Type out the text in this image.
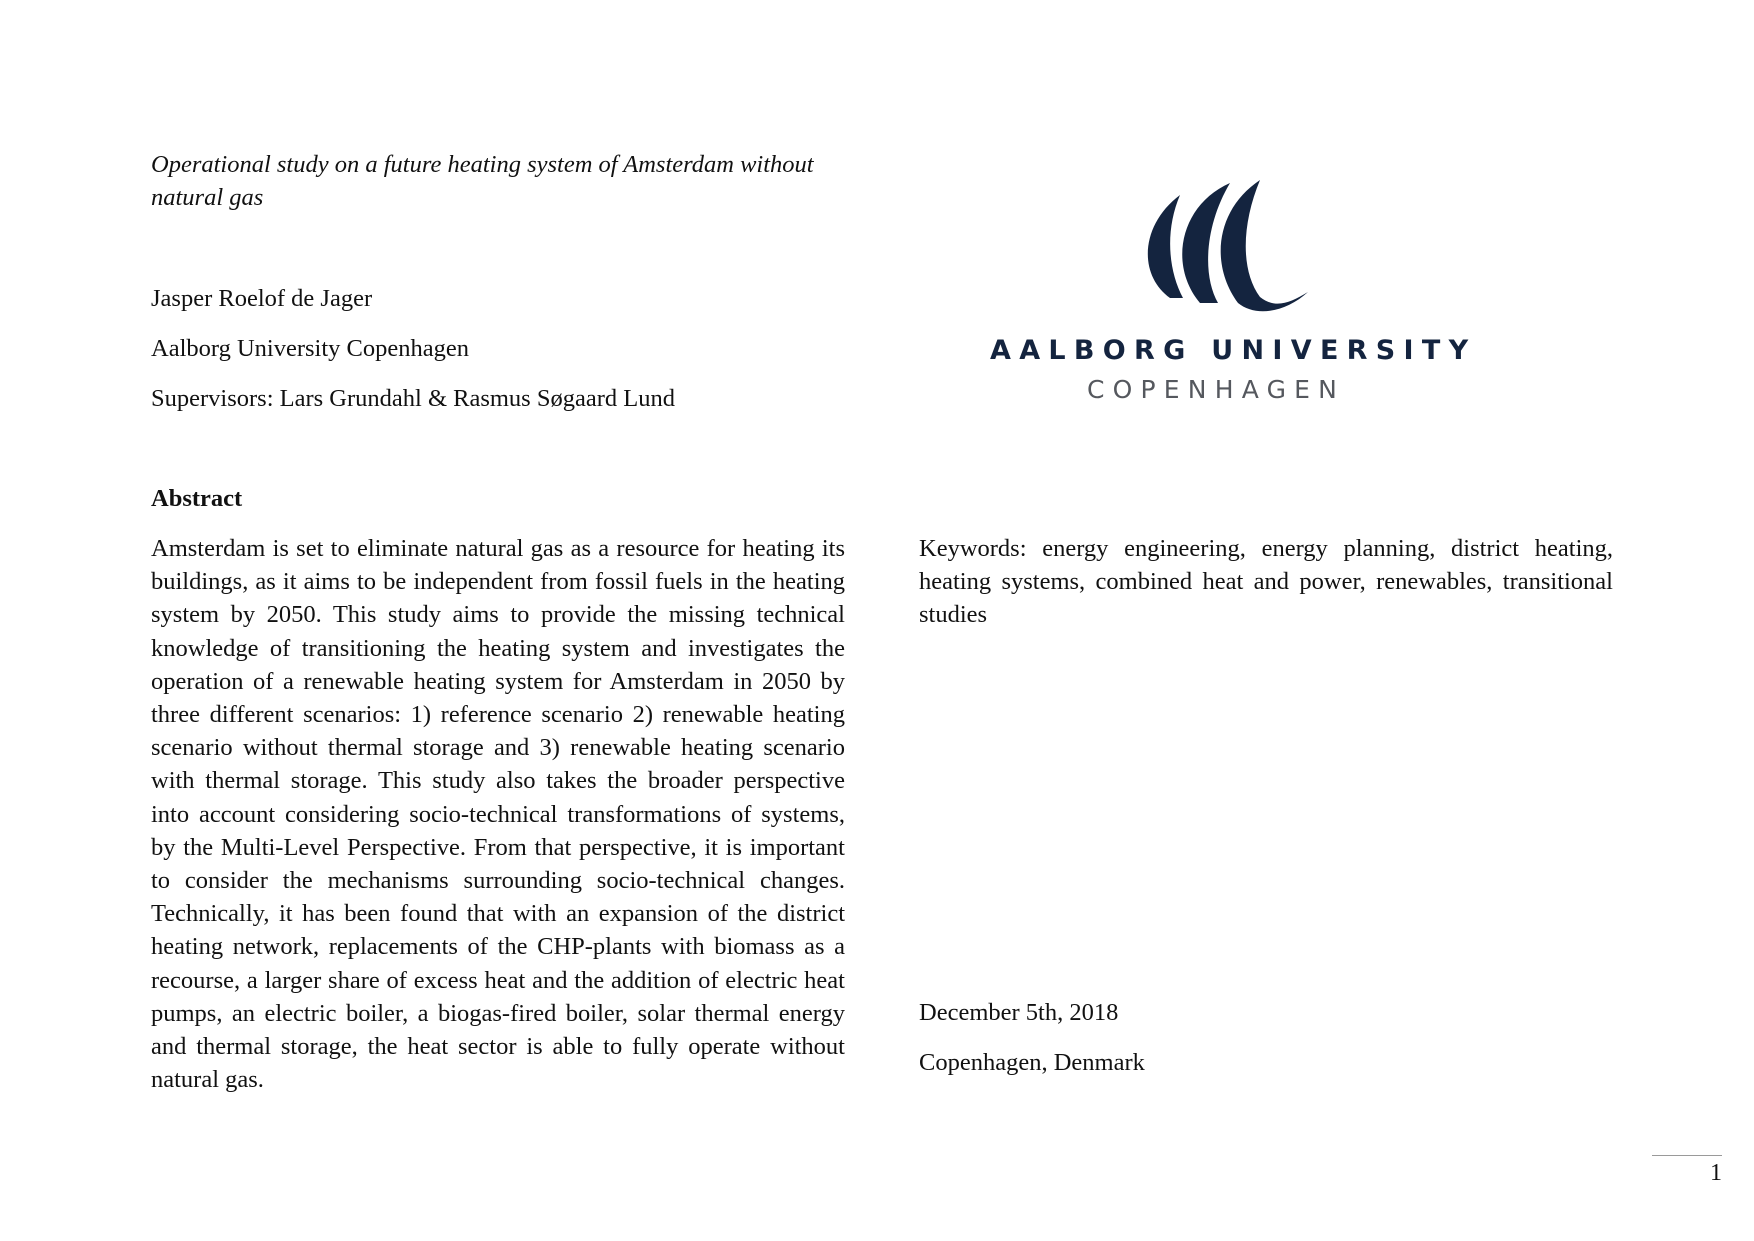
Operational study on a future heating system of Amsterdam without natural gas

Jasper Roelof de Jager

Aalborg University Copenhagen

Supervisors: Lars Grundahl & Rasmus Søgaard Lund

AALBORG UNIVERSITY
COPENHAGEN

Abstract

Amsterdam is set to eliminate natural gas as a resource for heating its buildings, as it aims to be independent from fossil fuels in the heating system by 2050. This study aims to provide the missing technical knowledge of transitioning the heating system and investigates the operation of a renewable heating system for Amsterdam in 2050 by three different scenarios: 1) reference scenario 2) renewable heating scenario without thermal storage and 3) renewable heating scenario with thermal storage. This study also takes the broader perspective into account considering socio-technical transformations of systems, by the Multi-Level Perspective. From that perspective, it is important to consider the mechanisms surrounding socio-technical changes. Technically, it has been found that with an expansion of the district heating network, replacements of the CHP-plants with biomass as a recourse, a larger share of excess heat and the addition of electric heat pumps, an electric boiler, a biogas-fired boiler, solar thermal energy and thermal storage, the heat sector is able to fully operate without natural gas.

Keywords: energy engineering, energy planning, district heating, heating systems, combined heat and power, renewables, transitional studies

December 5th, 2018

Copenhagen, Denmark

1
